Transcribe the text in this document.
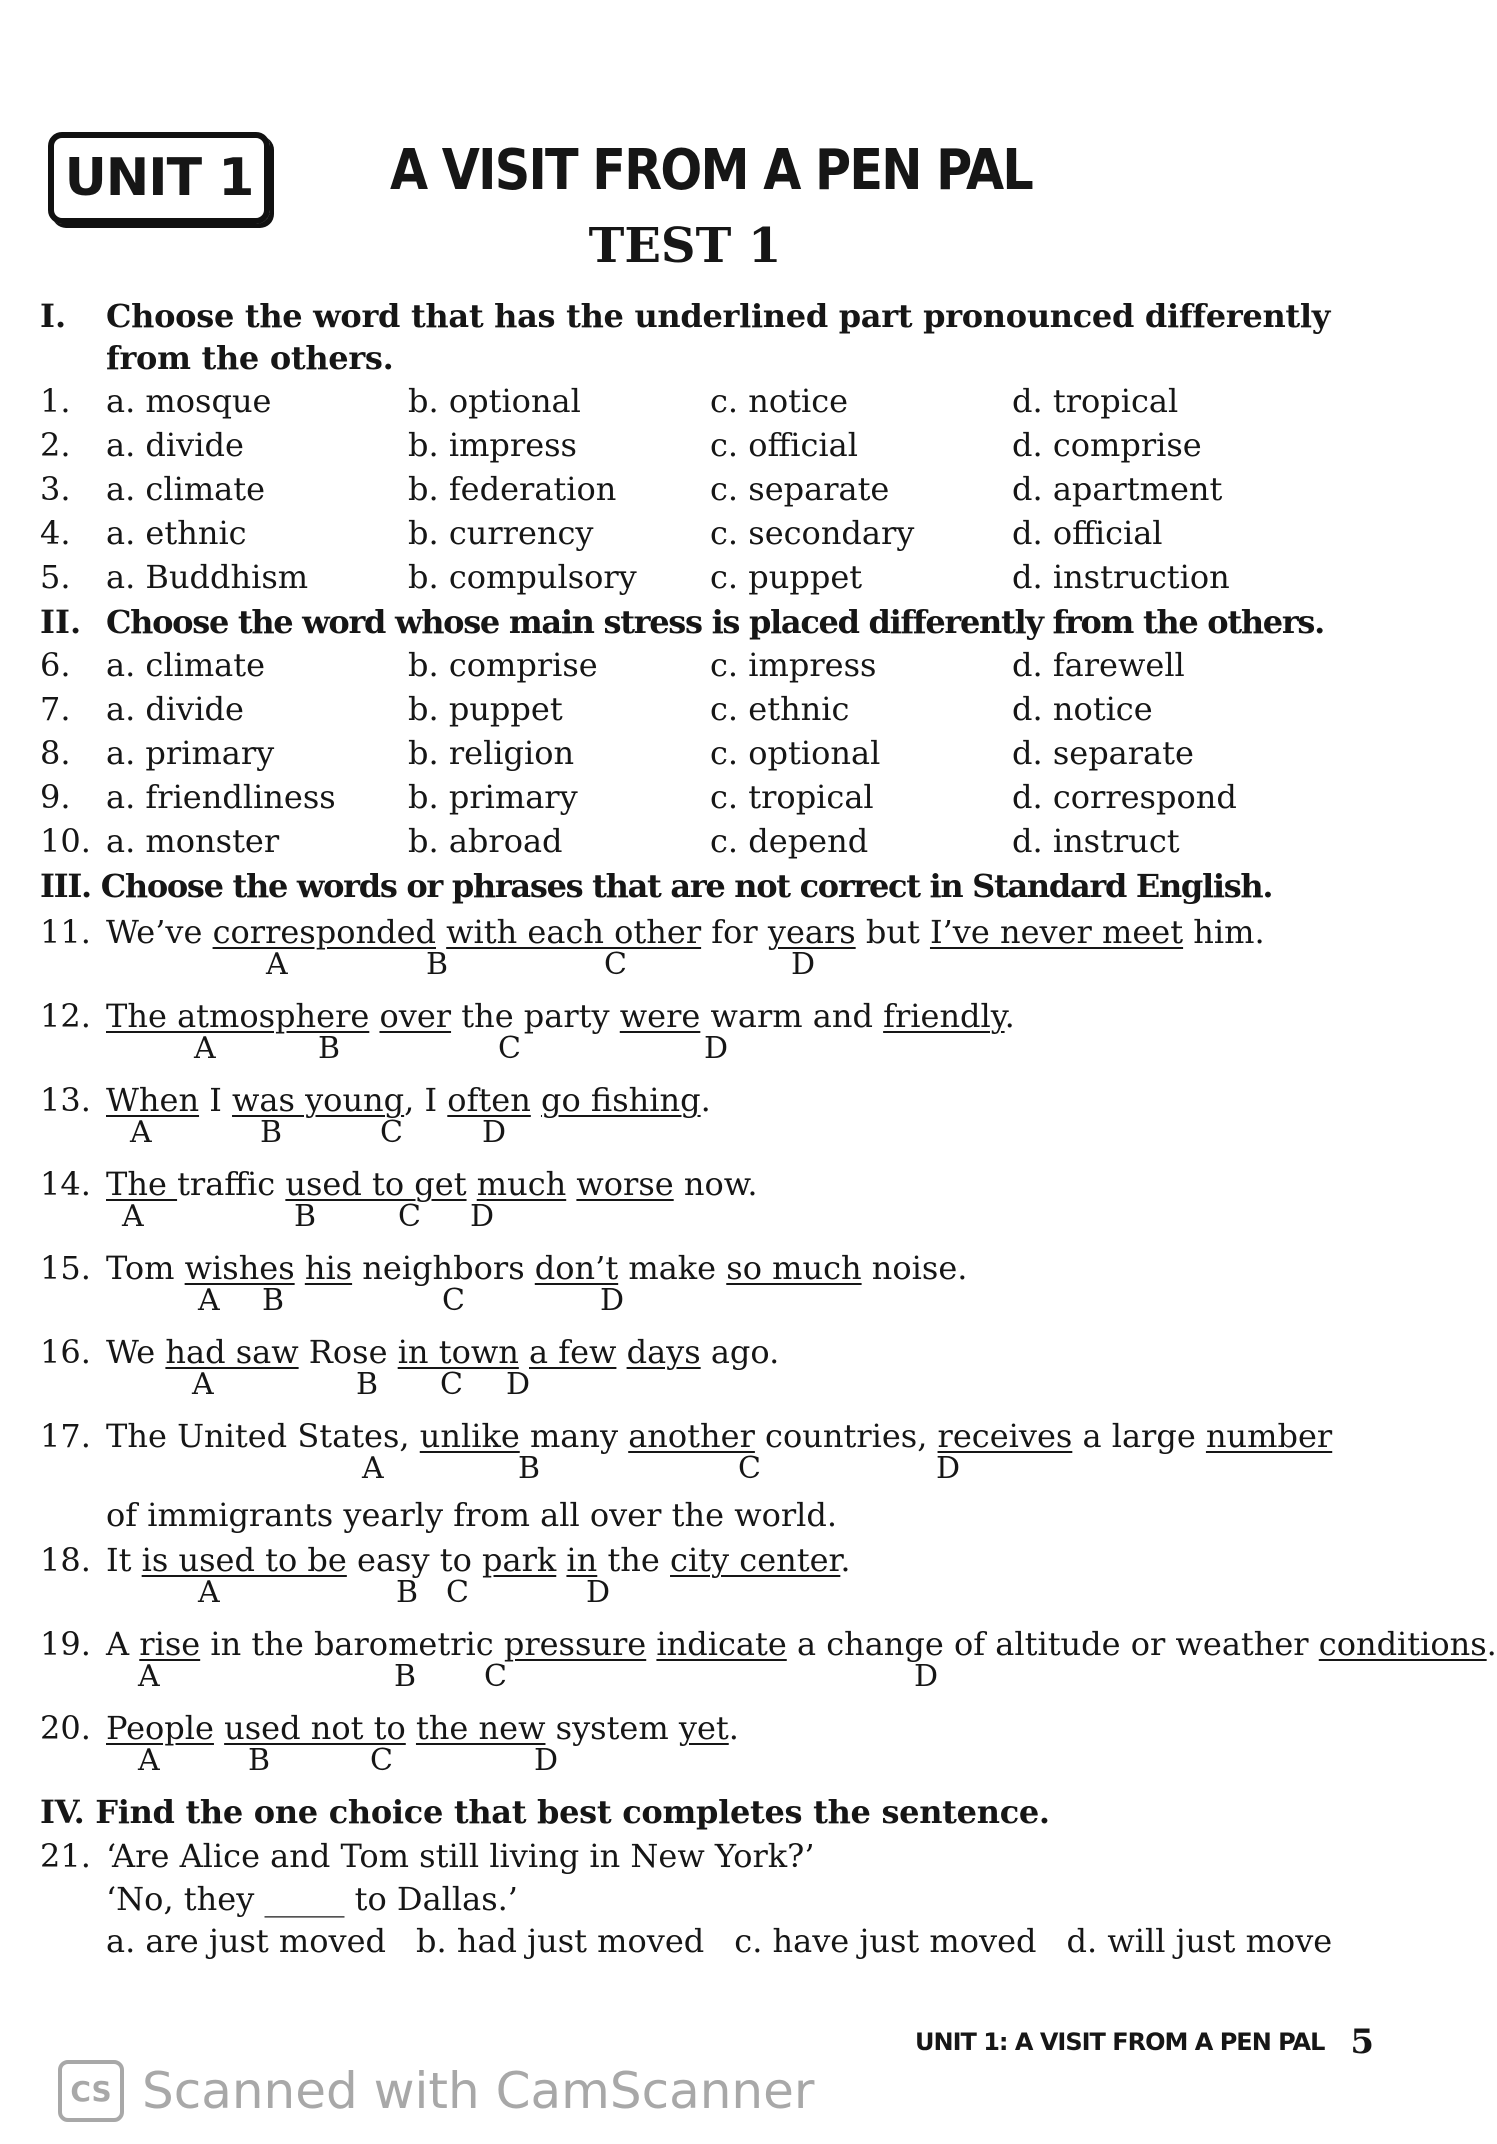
UNIT 1 A VISIT FROM A PEN PAL
TEST 1
I.	Choose the word that has the underlined part pronounced differently from the others.
1.	a. mosque	b. optional	c. notice	d. tropical
2.	a. divide	b. impress	c. official	d. comprise
3.	a. climate	b. federation	c. separate	d. apartment
4.	a. ethnic	b. currency	c. secondary	d. official
5.	a. Buddhism	b. compulsory	c. puppet	d. instruction
II. Choose the word whose main stress is placed differently from the others.
6.	a. climate	b. comprise	c. impress	d. farewell
7.	a. divide	b. puppet	c. ethnic	d. notice
8.	a. primary	b. religion	c. optional	d. separate
9.	a. friendliness	b. primary	c. tropical	d. correspond
10. a. monster	b. abroad	c. depend	d. instruct
III. Choose the words or phrases that are not correct in Standard English.
11. We’ve corresponded with each other for years but I’ve never meet him.
A	B	C	D
12. The atmosphere over the party were warm and friendly.
A	B	C	D
13. When I was young, I often go fishing.
A	B	C	D
14. The traffic used to get much worse now.
A	B	C D
15. Tom wishes his neighbors don’t make so much noise.
A B	C	D
16. We had saw Rose in town a few days ago.
A	B C D
17. The United States, unlike many another countries, receives a large number
A	B	C	D
of immigrants yearly from all over the world.
18. It is used to be easy to park in the city center.
A	B C	D
19. A rise in the barometric pressure indicate a change of altitude or weather conditions.
A	B C	D
20. People used not to the new system yet.
A	B	C	D
IV. Find the one choice that best completes the sentence.
21. ‘Are Alice and Tom still living in New York?’
‘No, they _____ to Dallas.’
a. are just moved b. had just moved c. have just moved d. will just move
UNIT 1: A VISIT FROM A PEN PAL 5
CS Scanned with CamScanner
